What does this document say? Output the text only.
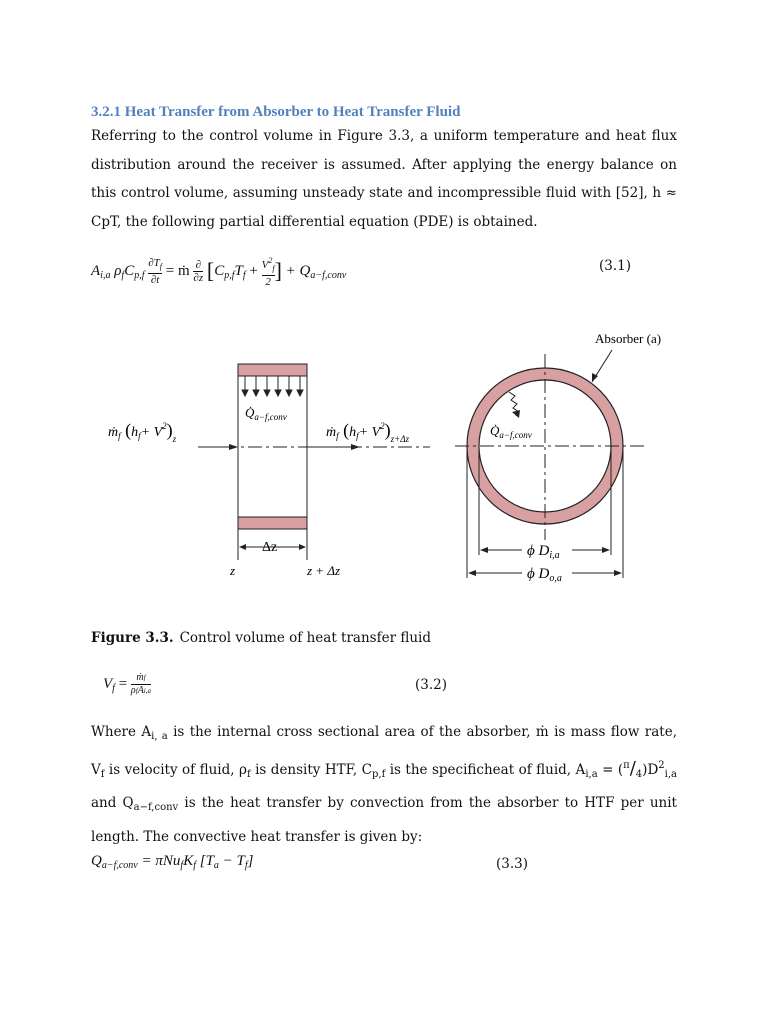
3.2.1 Heat Transfer from Absorber to Heat Transfer Fluid
Referring to the control volume in Figure 3.3, a uniform temperature and heat flux distribution around the receiver is assumed. After applying the energy balance on this control volume, assuming unsteady state and incompressible fluid with [52], h ≈ CpT, the following partial differential equation (PDE) is obtained.
$A_{i,a}$ $\rho_fC_{p,f} \frac{\partial T_f}{\partial t}$ = ṁ ∂
∂z [$C_{p,f}T_f + \frac{V^2_f}{2}$ ] + $Q_{a-f,conv}$
(3.1)
Absorber (a)
$Q̇_{a-f,conv}$
ṁ$_f$ $(h_f+ V^2)_z$	ṁ$_f$ $(h_f+ V^2)_{z+\Delta z}$
Δz
z	z + Δz
$Q̇_{a-f,conv}$
ϕ $D_{i,a}$
ϕ $D_{o,a}$
Figure 3.3. Control volume of heat transfer fluid
$V_f$ = ṁf
ρfAi,a	(3.2)
Where $A_{i, a}$ is the internal cross sectional area of the absorber, ṁ is mass flow rate, $V_f$ is velocity of fluid, $\rho_f$ is density HTF, $C_{p,f}$ is the specificheat of fluid, $A_{i,a} = (^\pi/_4)D^2_{i,a}$ and $Q_{a-f,conv}$ is the heat transfer by convection from the absorber to HTF per unit length. The convective heat transfer is given by:
$Q_{a-f,conv} = \pi Nu_fK_f$ $[T_a - T_f]$	(3.3)
